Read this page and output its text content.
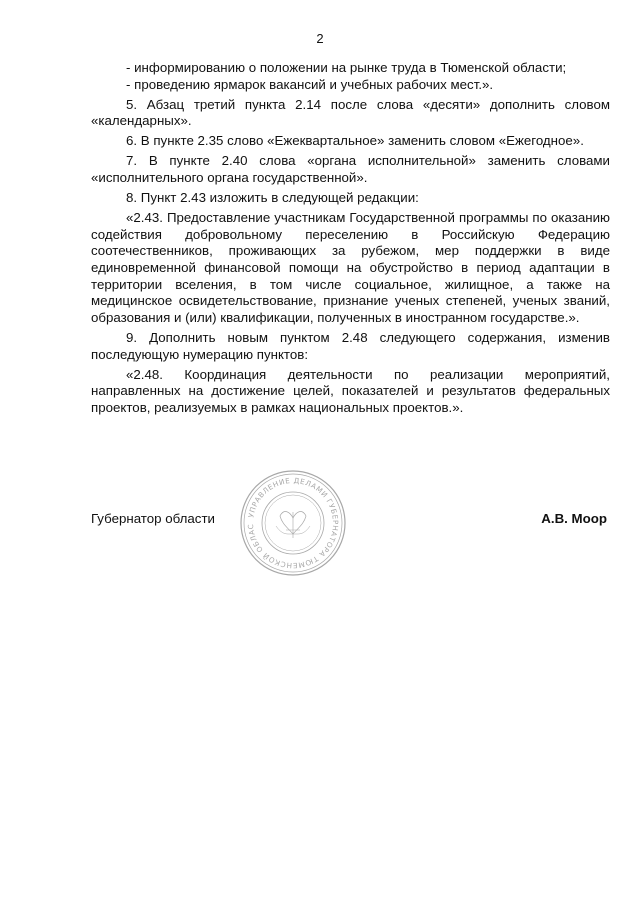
2

- информированию о положении на рынке труда в Тюменской области;

- проведению ярмарок вакансий и учебных рабочих мест.».

5. Абзац третий пункта 2.14 после слова «десяти» дополнить словом «календарных».

6. В пункте 2.35 слово «Ежеквартальное» заменить словом «Ежегодное».

7. В пункте 2.40 слова «органа исполнительной» заменить словами «исполнительного органа государственной».

8. Пункт 2.43 изложить в следующей редакции:

«2.43. Предоставление участникам Государственной программы по оказанию содействия добровольному переселению в Российскую Федерацию соотечественников, проживающих за рубежом, мер поддержки в виде единовременной финансовой помощи на обустройство в период адаптации в территории вселения, в том числе социальное, жилищное, а также на медицинское освидетельствование, признание ученых степеней, ученых званий, образования и (или) квалификации, полученных в иностранном государстве.».

9. Дополнить новым пунктом 2.48 следующего содержания, изменив последующую нумерацию пунктов:

«2.48. Координация деятельности по реализации мероприятий, направленных на достижение целей, показателей и результатов федеральных проектов, реализуемых в рамках национальных проектов.».

УПРАВЛЕНИЕ ДЕЛАМИ ГУБЕРНАТОРА ТЮМЕНСКОЙ ОБЛАС
Губернатор области	А.В. Моор
